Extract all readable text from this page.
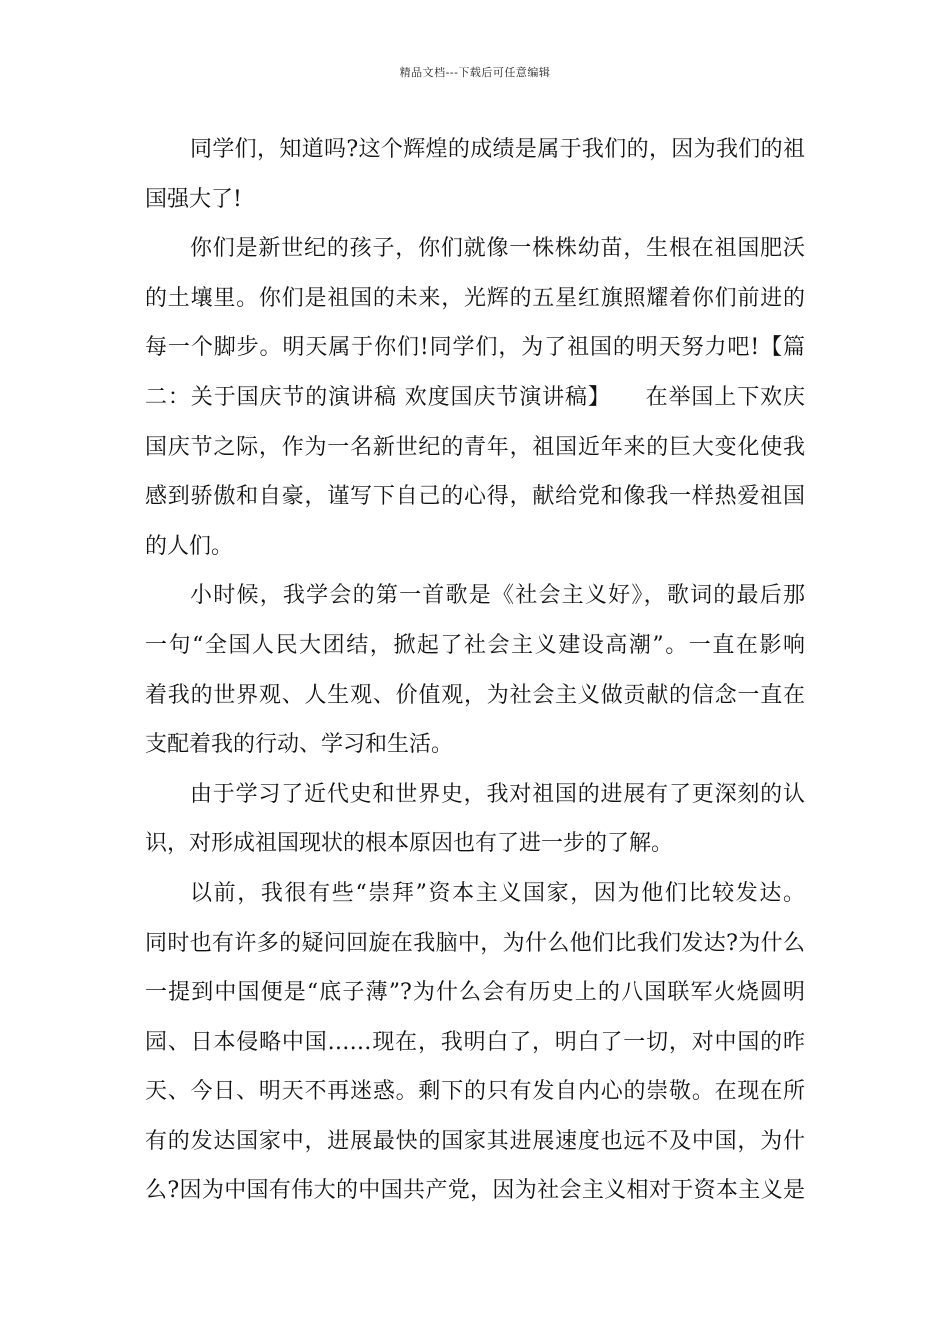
精品文档---下载后可任意编辑
同学们，知道吗?这个辉煌的成绩是属于我们的，因为我们的祖
国强大了!
你们是新世纪的孩子，你们就像一株株幼苗，生根在祖国肥沃
的土壤里。你们是祖国的未来，光辉的五星红旗照耀着你们前进的
每一个脚步。明天属于你们!同学们，为了祖国的明天努力吧!【篇
二：关于国庆节的演讲稿 欢度国庆节演讲稿】　　在举国上下欢庆
国庆节之际，作为一名新世纪的青年，祖国近年来的巨大变化使我
感到骄傲和自豪，谨写下自己的心得，献给党和像我一样热爱祖国
的人们。
小时候，我学会的第一首歌是《社会主义好》，歌词的最后那
一句“全国人民大团结，掀起了社会主义建设高潮”。一直在影响
着我的世界观、人生观、价值观，为社会主义做贡献的信念一直在
支配着我的行动、学习和生活。
由于学习了近代史和世界史，我对祖国的进展有了更深刻的认
识，对形成祖国现状的根本原因也有了进一步的了解。
以前，我很有些“崇拜”资本主义国家，因为他们比较发达。
同时也有许多的疑问回旋在我脑中，为什么他们比我们发达?为什么
一提到中国便是“底子薄”?为什么会有历史上的八国联军火烧圆明
园、日本侵略中国……现在，我明白了，明白了一切，对中国的昨
天、今日、明天不再迷惑。剩下的只有发自内心的崇敬。在现在所
有的发达国家中，进展最快的国家其进展速度也远不及中国，为什
么?因为中国有伟大的中国共产党，因为社会主义相对于资本主义是
